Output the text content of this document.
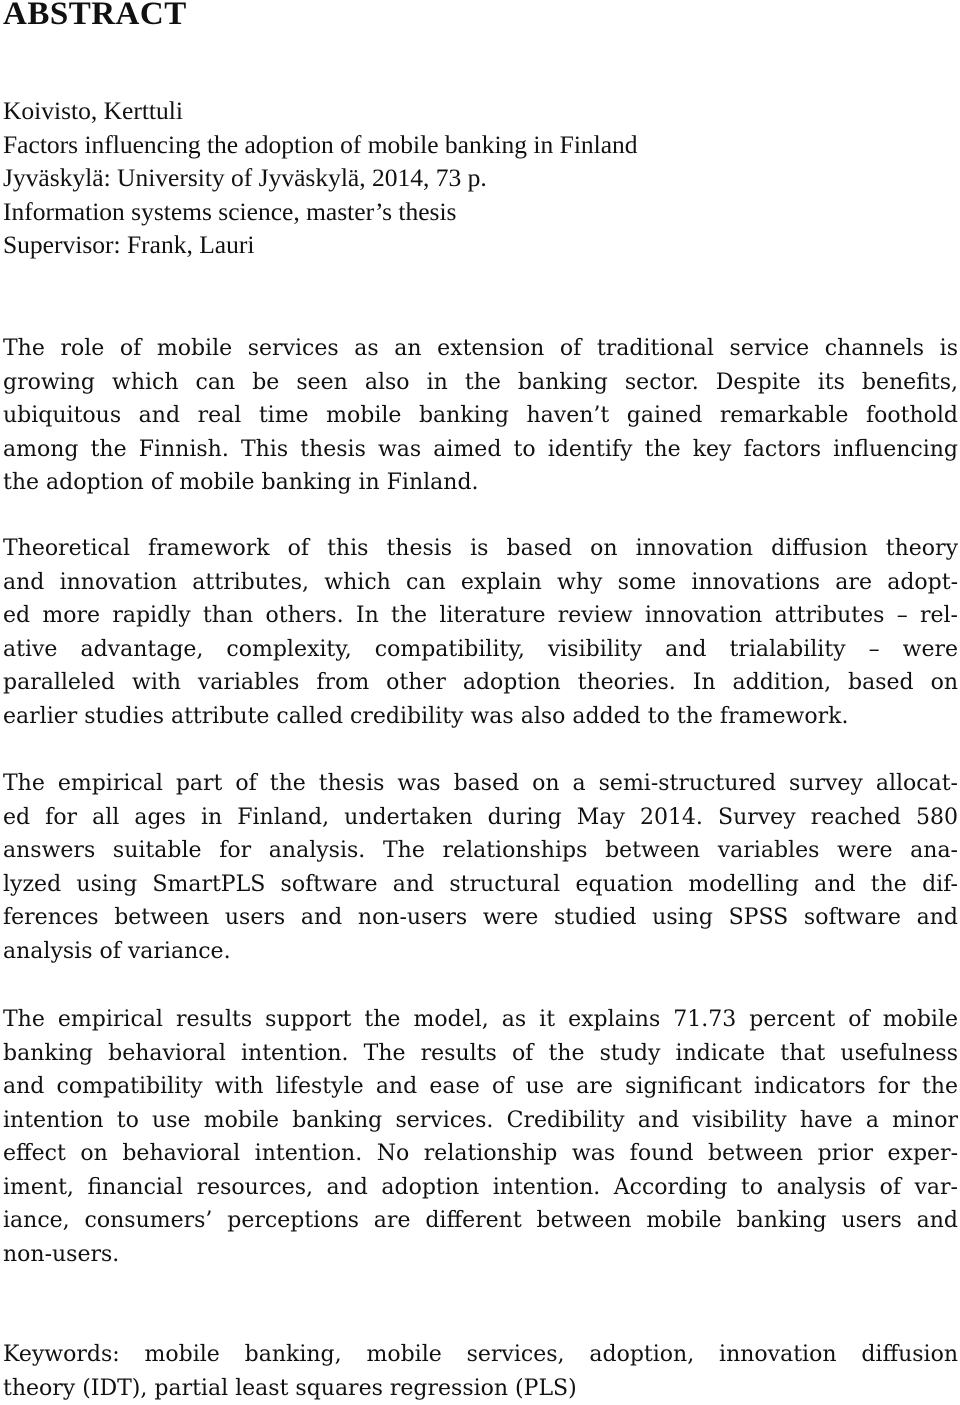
ABSTRACT
Koivisto, Kerttuli
Factors influencing the adoption of mobile banking in Finland
Jyväskylä: University of Jyväskylä, 2014, 73 p.
Information systems science, master’s thesis
Supervisor: Frank, Lauri

The role of mobile services as an extension of traditional service channels is
growing which can be seen also in the banking sector. Despite its benefits,
ubiquitous and real time mobile banking haven’t gained remarkable foothold
among the Finnish. This thesis was aimed to identify the key factors influencing
the adoption of mobile banking in Finland.

Theoretical framework of this thesis is based on innovation diffusion theory
and innovation attributes, which can explain why some innovations are adopt-
ed more rapidly than others. In the literature review innovation attributes – rel-
ative advantage, complexity, compatibility, visibility and trialability – were
paralleled with variables from other adoption theories. In addition, based on
earlier studies attribute called credibility was also added to the framework.

The empirical part of the thesis was based on a semi-structured survey allocat-
ed for all ages in Finland, undertaken during May 2014. Survey reached 580
answers suitable for analysis. The relationships between variables were ana-
lyzed using SmartPLS software and structural equation modelling and the dif-
ferences between users and non-users were studied using SPSS software and
analysis of variance.

The empirical results support the model, as it explains 71.73 percent of mobile
banking behavioral intention. The results of the study indicate that usefulness
and compatibility with lifestyle and ease of use are significant indicators for the
intention to use mobile banking services. Credibility and visibility have a minor
effect on behavioral intention. No relationship was found between prior exper-
iment, financial resources, and adoption intention. According to analysis of var-
iance, consumers’ perceptions are different between mobile banking users and
non-users.

Keywords: mobile banking, mobile services, adoption, innovation diffusion
theory (IDT), partial least squares regression (PLS)
